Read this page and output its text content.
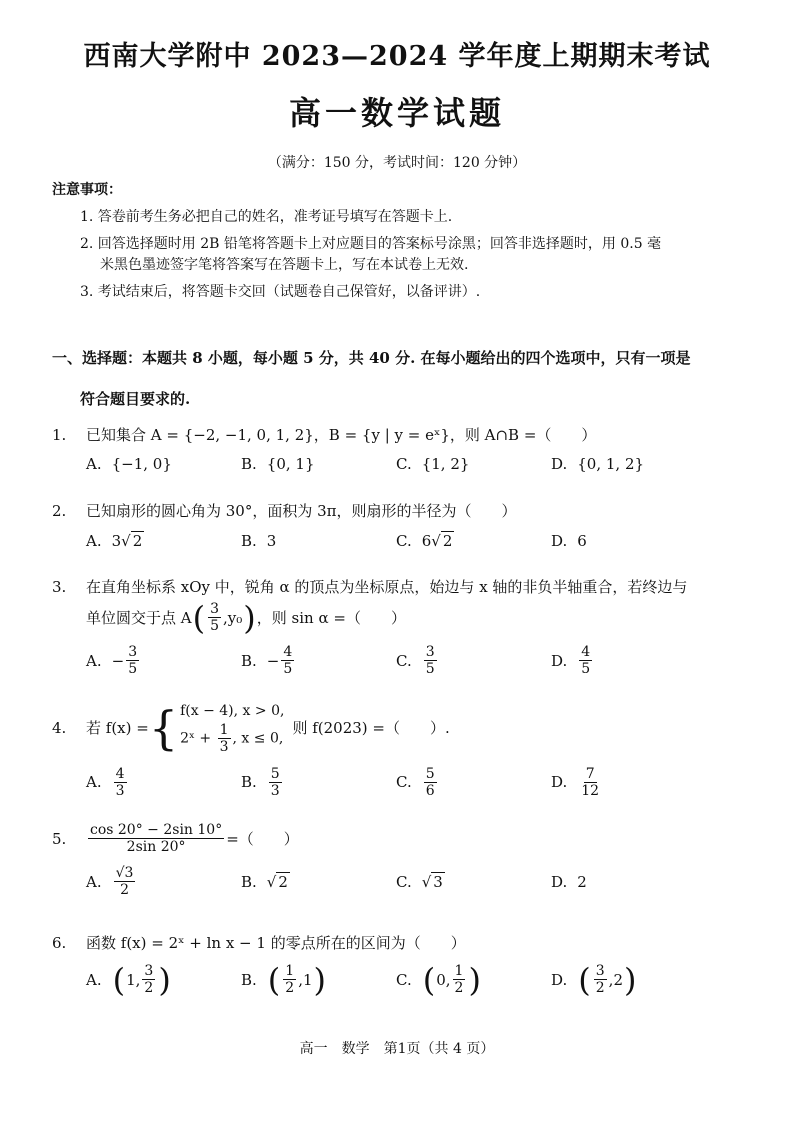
西南大学附中 2023—2024 学年度上期期末考试
高一数学试题
（满分：150 分，考试时间：120 分钟）
注意事项：
1. 答卷前考生务必把自己的姓名，准考证号填写在答题卡上.
2. 回答选择题时用 2B 铅笔将答题卡上对应题目的答案标号涂黑；回答非选择题时，用 0.5 毫
米黑色墨迹签字笔将答案写在答题卡上，写在本试卷上无效.
3. 考试结束后，将答题卡交回（试题卷自己保管好，以备评讲）.
一、选择题：本题共 8 小题，每小题 5 分，共 40 分. 在每小题给出的四个选项中，只有一项是
符合题目要求的.
1.	已知集合 A = {−2, −1, 0, 1, 2}，B = {y | y = eˣ}，则 A∩B =（　　）
A. {−1, 0}	B. {0, 1}	C. {1, 2}	D. {0, 1, 2}
2.	已知扇形的圆心角为 30°，面积为 3π，则扇形的半径为（　　）
A. 3 √ 2	B. 3	C. 6 √ 2	D. 6
3.	在直角坐标系 xOy 中，锐角 α 的顶点为坐标原点，始边与 x 轴的非负半轴重合，若终边与
单位圆交于点 A ( $\frac{3}{5}$ , y₀ ) ，则 sin α =（　　）
A. − $\frac{3}{5}$	B. − $\frac{4}{5}$	C. $\frac{3}{5}$	D. $\frac{4}{5}$
4.	若 f(x) = { f(x − 4), x > 0,
2ˣ + $\frac{1}{3}$ , x ≤ 0,
则 f(2023) =（　　）.
A. $\frac{4}{3}$	B. $\frac{5}{3}$	C. $\frac{5}{6}$	D. $\frac{7}{12}$
5.	$\frac{\cos 20^\circ - 2\sin 10^\circ}{2\sin 20^\circ}$ =（　　）
A. $\frac{√3}{2}$	B. √ 2	C. √ 3	D. 2
6.	函数 f(x) = 2ˣ + ln x − 1 的零点所在的区间为（　　）
A. ( 1, $\frac{3}{2}$ )	B. ( $\frac{1}{2} ,1$ )	C. ( 0, $\frac{1}{2}$ )	D. ( $\frac{3}{2} ,2$ )
高一　数学　第1页（共 4 页）
